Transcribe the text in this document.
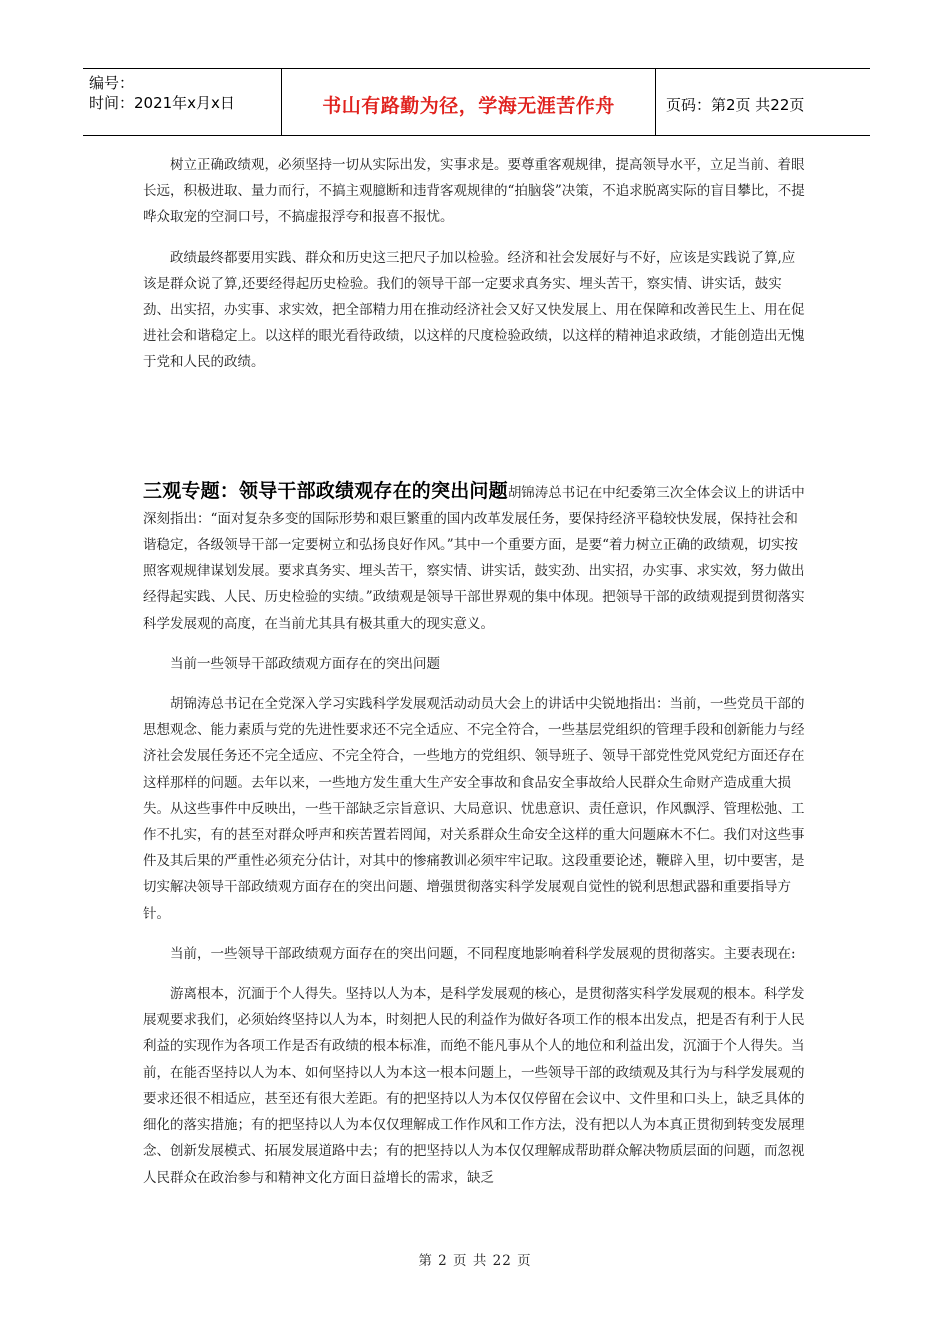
编号：
时间：2021年x月x日	书山有路勤为径，学海无涯苦作舟	页码：第2页 共22页

树立正确政绩观，必须坚持一切从实际出发，实事求是。要尊重客观规律，提高领导水平，立足当前、着眼长远，积极进取、量力而行，不搞主观臆断和违背客观规律的“拍脑袋”决策，不追求脱离实际的盲目攀比，不提哗众取宠的空洞口号，不搞虚报浮夸和报喜不报忧。

政绩最终都要用实践、群众和历史这三把尺子加以检验。经济和社会发展好与不好，应该是实践说了算,应该是群众说了算,还要经得起历史检验。我们的领导干部一定要求真务实、埋头苦干，察实情、讲实话，鼓实劲、出实招，办实事、求实效，把全部精力用在推动经济社会又好又快发展上、用在保障和改善民生上、用在促进社会和谐稳定上。以这样的眼光看待政绩，以这样的尺度检验政绩，以这样的精神追求政绩，才能创造出无愧于党和人民的政绩。

三观专题：领导干部政绩观存在的突出问题胡锦涛总书记在中纪委第三次全体会议上的讲话中深刻指出：“面对复杂多变的国际形势和艰巨繁重的国内改革发展任务，要保持经济平稳较快发展，保持社会和谐稳定，各级领导干部一定要树立和弘扬良好作风。”其中一个重要方面，是要“着力树立正确的政绩观，切实按照客观规律谋划发展。要求真务实、埋头苦干，察实情、讲实话，鼓实劲、出实招，办实事、求实效，努力做出经得起实践、人民、历史检验的实绩。”政绩观是领导干部世界观的集中体现。把领导干部的政绩观提到贯彻落实科学发展观的高度，在当前尤其具有极其重大的现实意义。

当前一些领导干部政绩观方面存在的突出问题

胡锦涛总书记在全党深入学习实践科学发展观活动动员大会上的讲话中尖锐地指出：当前，一些党员干部的思想观念、能力素质与党的先进性要求还不完全适应、不完全符合，一些基层党组织的管理手段和创新能力与经济社会发展任务还不完全适应、不完全符合，一些地方的党组织、领导班子、领导干部党性党风党纪方面还存在这样那样的问题。去年以来，一些地方发生重大生产安全事故和食品安全事故给人民群众生命财产造成重大损失。从这些事件中反映出，一些干部缺乏宗旨意识、大局意识、忧患意识、责任意识，作风飘浮、管理松弛、工作不扎实，有的甚至对群众呼声和疾苦置若罔闻，对关系群众生命安全这样的重大问题麻木不仁。我们对这些事件及其后果的严重性必须充分估计，对其中的惨痛教训必须牢牢记取。这段重要论述，鞭辟入里，切中要害，是切实解决领导干部政绩观方面存在的突出问题、增强贯彻落实科学发展观自觉性的锐利思想武器和重要指导方针。

当前，一些领导干部政绩观方面存在的突出问题，不同程度地影响着科学发展观的贯彻落实。主要表现在:

游离根本，沉湎于个人得失。坚持以人为本，是科学发展观的核心，是贯彻落实科学发展观的根本。科学发展观要求我们，必须始终坚持以人为本，时刻把人民的利益作为做好各项工作的根本出发点，把是否有利于人民利益的实现作为各项工作是否有政绩的根本标准，而绝不能凡事从个人的地位和利益出发，沉湎于个人得失。当前，在能否坚持以人为本、如何坚持以人为本这一根本问题上，一些领导干部的政绩观及其行为与科学发展观的要求还很不相适应，甚至还有很大差距。有的把坚持以人为本仅仅停留在会议中、文件里和口头上，缺乏具体的细化的落实措施；有的把坚持以人为本仅仅理解成工作作风和工作方法，没有把以人为本真正贯彻到转变发展理念、创新发展模式、拓展发展道路中去；有的把坚持以人为本仅仅理解成帮助群众解决物质层面的问题，而忽视人民群众在政治参与和精神文化方面日益增长的需求，缺乏

第 2 页 共 22 页
